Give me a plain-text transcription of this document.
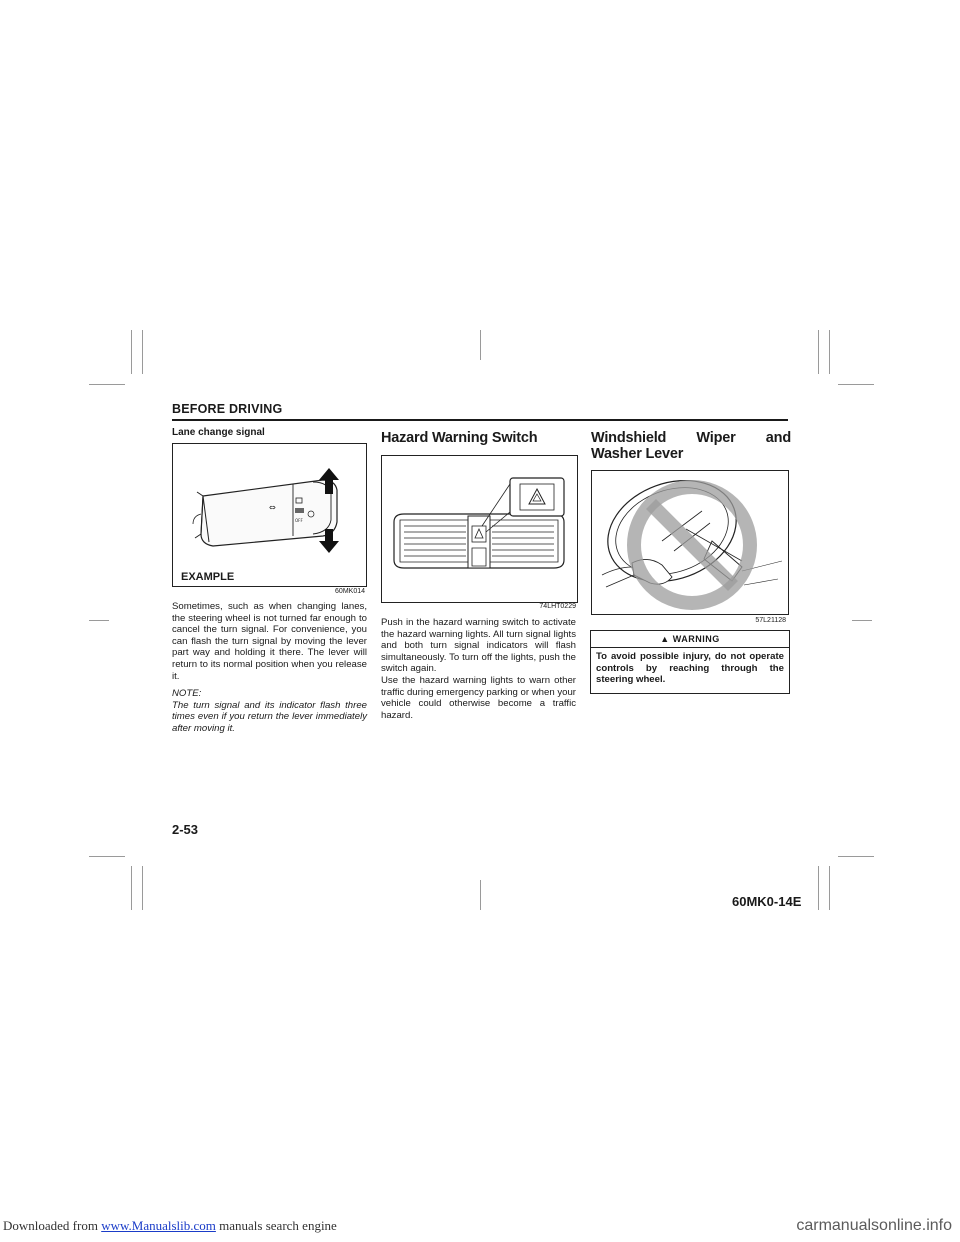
BEFORE DRIVING
Lane change signal
⇔
OFF
EXAMPLE
60MK014

Sometimes, such as when changing lanes, the steering wheel is not turned far enough to cancel the turn signal. For convenience, you can flash the turn signal by moving the lever part way and holding it there. The lever will return to its normal position when you release it.

NOTE:
The turn signal and its indicator flash three times even if you return the lever immediately after moving it.
Hazard Warning Switch
74LHT0229

Push in the hazard warning switch to activate the hazard warning lights. All turn signal lights and both turn signal indicators will flash simultaneously. To turn off the lights, push the switch again.

Use the hazard warning lights to warn other traffic during emergency parking or when your vehicle could otherwise become a traffic hazard.

Windshield Wiper and Washer Lever
57L21128
▲ WARNING
To avoid possible injury, do not operate controls by reaching through the steering wheel.
2-53
60MK0-14E
Downloaded from www.Manualslib.com manuals search engine	carmanualsonline.info
